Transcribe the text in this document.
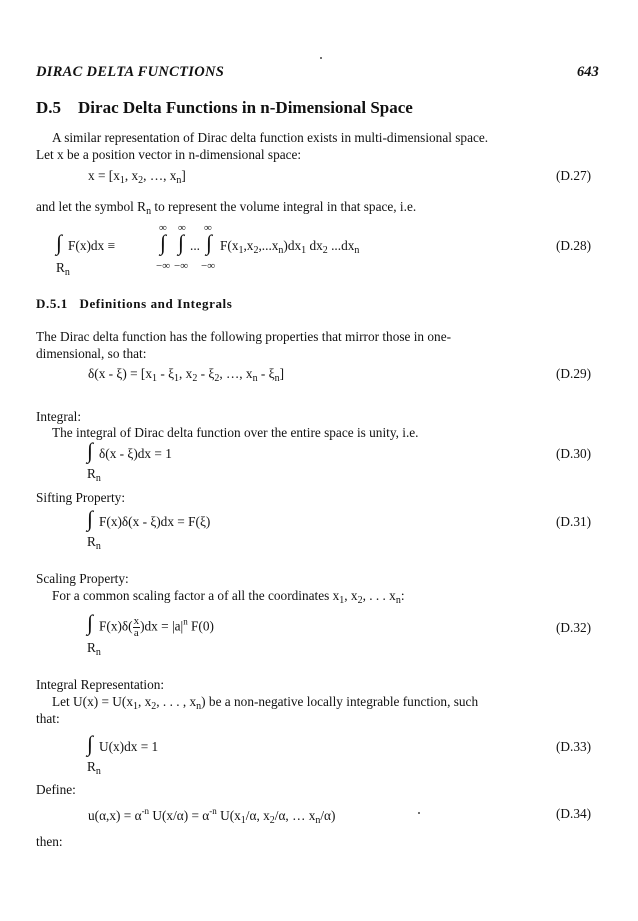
DIRAC DELTA FUNCTIONS	643
D.5 Dirac Delta Functions in n-Dimensional Space
A similar representation of Dirac delta function exists in multi-dimensional space.
Let x be a position vector in n-dimensional space:
$x = [x_1$, $x_2$, …, $x_n$]	(D.27)
and let the symbol $R_n$ to represent the volume integral in that space, i.e.
∫ F(x)dx ≡
$R_n$
∞ ∞ ∞
∫ ∫ ... ∫
−∞ −∞ −∞
$F(x_1,x_2,...x_n)dx_1$ $dx_2$ $...dx_n$	(D.28)
D.5.1 Definitions and Integrals
The Dirac delta function has the following properties that mirror those in one-
dimensional, so that:
$\delta(x - \xi) = [x_1 - \xi_1$, $x_2 - \xi_2$, …, $x_n - \xi_n$]	(D.29)
Integral:
The integral of Dirac delta function over the entire space is unity, i.e.
∫ δ(x - ξ)dx = 1
$R_n$
(D.30)
Sifting Property:
∫ F(x)δ(x - ξ)dx = F(ξ)
$R_n$
(D.31)
Scaling Property:
For a common scaling factor a of all the coordinates $x_1$, $x_2$, . . . $x_n$:
∫ $F(x)\delta( \frac{x}{a} )dx = |a|^n$ F(0)
$R_n$
(D.32)
Integral Representation:
Let $U(x) = U(x_1$, $x_2$, . . . , $x_n$) be a non-negative locally integrable function, such
that:
∫ U(x)dx = 1
$R_n$
(D.33)
Define:
$u(\alpha,x) = \alpha^{-n}$ $U(x/\alpha) = \alpha^{-n}$ $U(x_1/\alpha$, $x_2/\alpha$, … $x_n/\alpha$)	(D.34)
then:
